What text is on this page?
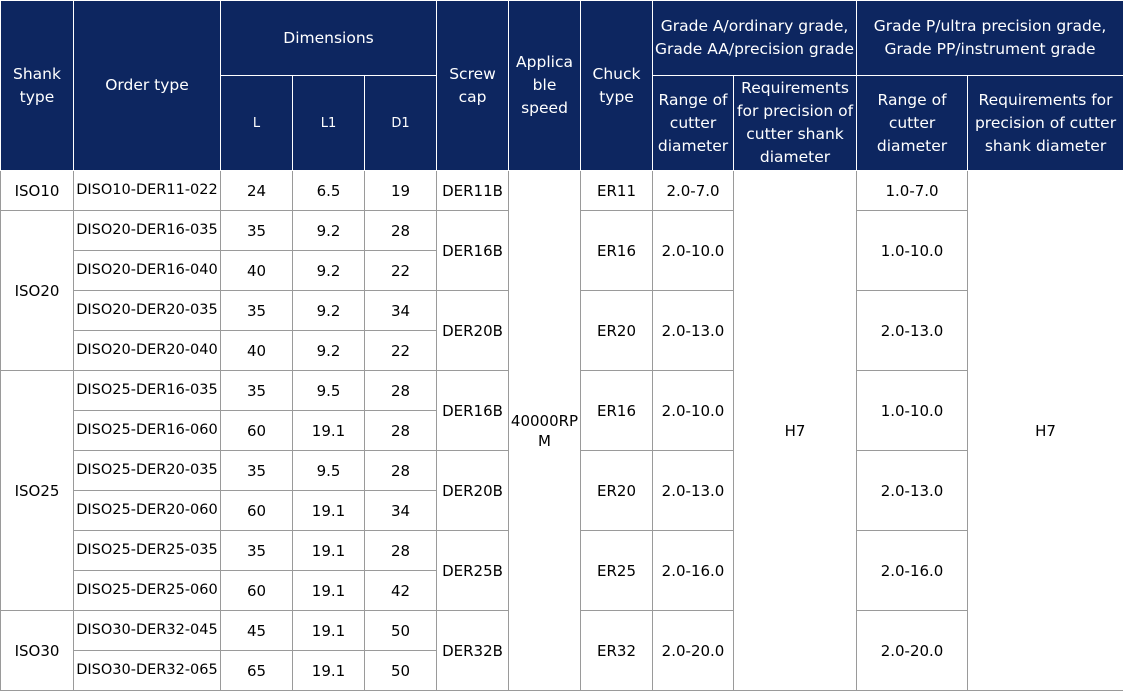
Shank type	Order type	Dimensions			Screw cap	Applica ble speed	Chuck type	Grade A/ordinary grade, Grade AA/precision grade		Grade P/ultra precision grade, Grade PP/instrument grade	
		L	L1	D1				Range of cutter diameter	Requirements for precision of cutter shank diameter	Range of cutter diameter	Requirements for precision of cutter shank diameter
ISO10	DISO10-DER11-022	24	6.5	19	DER11B	40000RP M	ER11	2.0-7.0	H7	1.0-7.0	H7
ISO20	DISO20-DER16-035	35	9.2	28	DER16B		ER16	2.0-10.0		1.0-10.0	
	DISO20-DER16-040	40	9.2	22							
	DISO20-DER20-035	35	9.2	34	DER20B		ER20	2.0-13.0		2.0-13.0	
	DISO20-DER20-040	40	9.2	22							
ISO25	DISO25-DER16-035	35	9.5	28	DER16B		ER16	2.0-10.0		1.0-10.0	
	DISO25-DER16-060	60	19.1	28							
	DISO25-DER20-035	35	9.5	28	DER20B		ER20	2.0-13.0		2.0-13.0	
	DISO25-DER20-060	60	19.1	34							
	DISO25-DER25-035	35	19.1	28	DER25B		ER25	2.0-16.0		2.0-16.0	
	DISO25-DER25-060	60	19.1	42							
ISO30	DISO30-DER32-045	45	19.1	50	DER32B		ER32	2.0-20.0		2.0-20.0	
	DISO30-DER32-065	65	19.1	50							
